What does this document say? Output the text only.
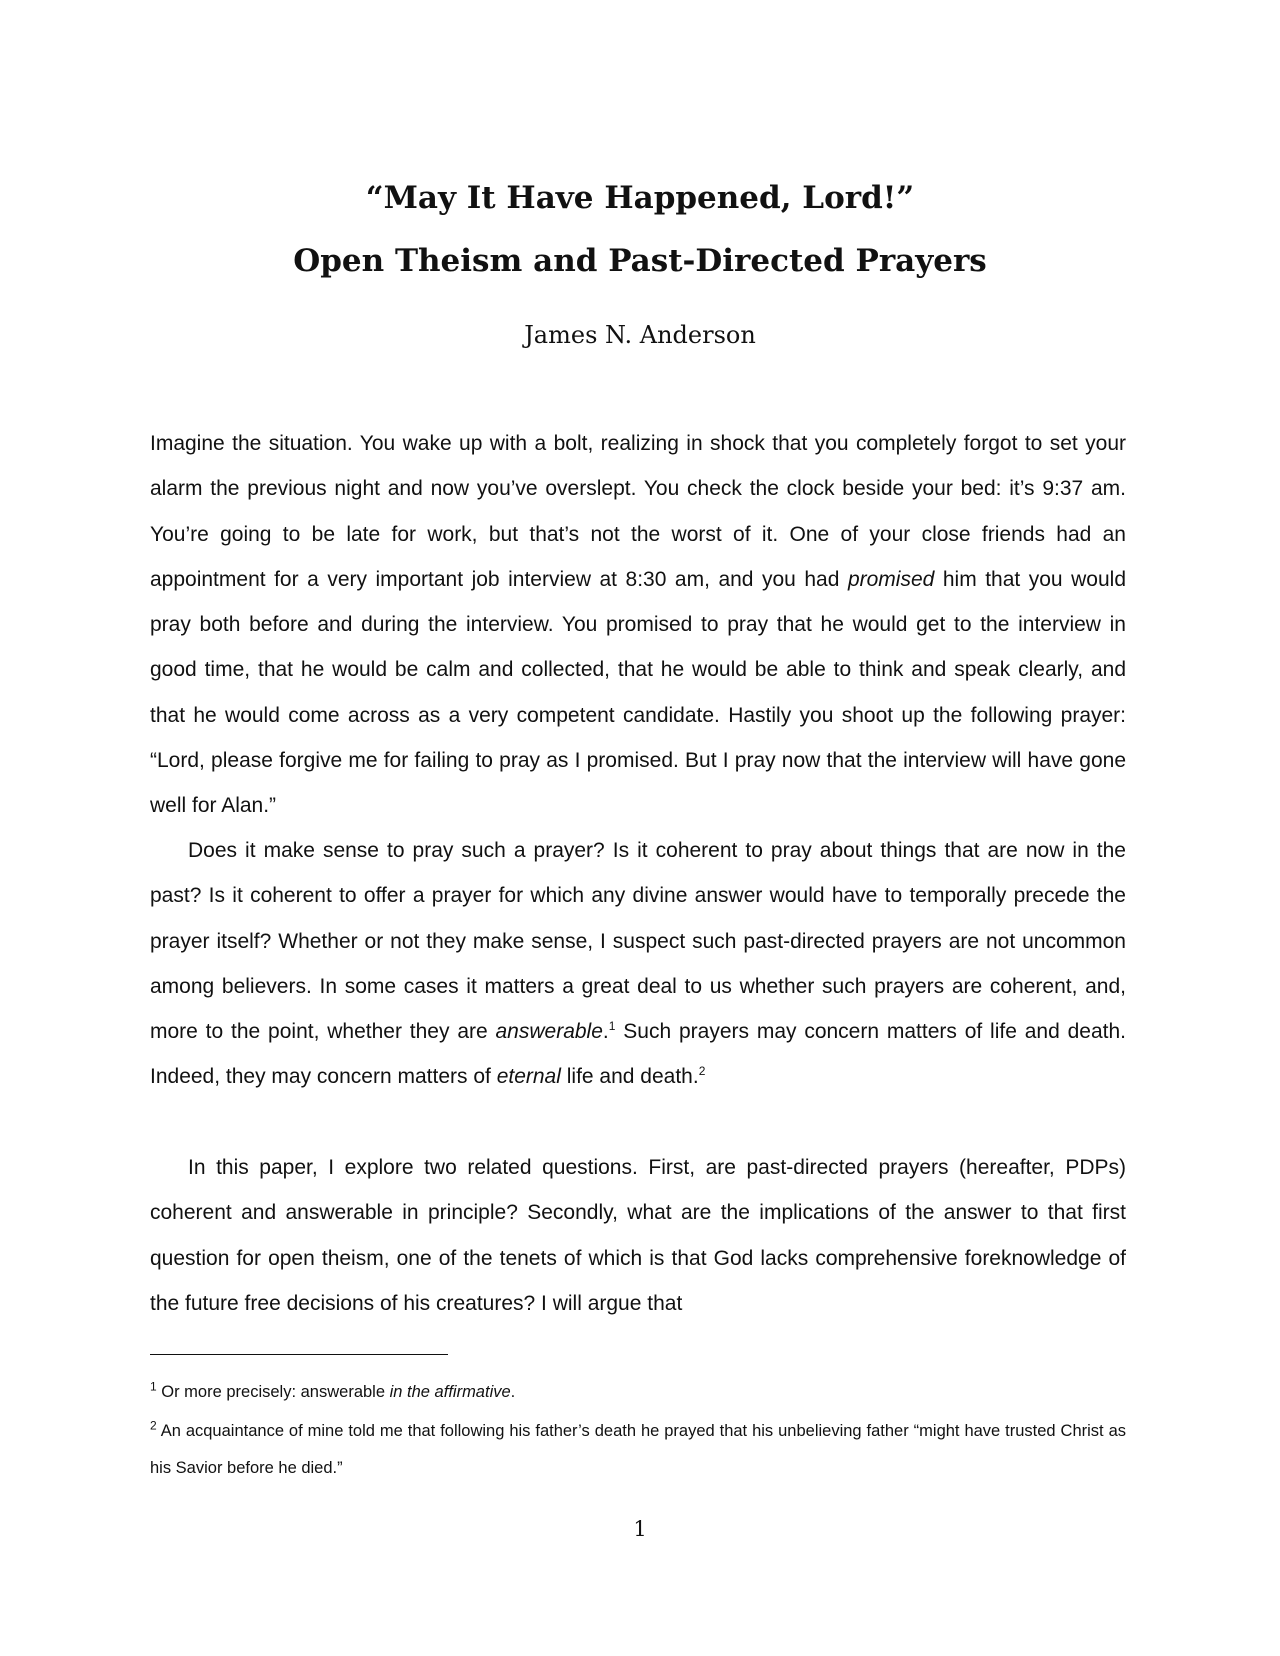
“May It Have Happened, Lord!”
Open Theism and Past-Directed Prayers

James N. Anderson

Imagine the situation. You wake up with a bolt, realizing in shock that you completely forgot to set your alarm the previous night and now you’ve overslept. You check the clock beside your bed: it’s 9:37 am. You’re going to be late for work, but that’s not the worst of it. One of your close friends had an appointment for a very important job interview at 8:30 am, and you had promised him that you would pray both before and during the interview. You promised to pray that he would get to the interview in good time, that he would be calm and collected, that he would be able to think and speak clearly, and that he would come across as a very competent candidate. Hastily you shoot up the following prayer: “Lord, please forgive me for failing to pray as I promised. But I pray now that the interview will have gone well for Alan.”

Does it make sense to pray such a prayer? Is it coherent to pray about things that are now in the past? Is it coherent to offer a prayer for which any divine answer would have to temporally precede the prayer itself? Whether or not they make sense, I suspect such past-directed prayers are not uncommon among believers. In some cases it matters a great deal to us whether such prayers are coherent, and, more to the point, whether they are answerable.$^1$ Such prayers may concern matters of life and death. Indeed, they may concern matters of eternal life and death.$^2$

In this paper, I explore two related questions. First, are past-directed prayers (hereafter, PDPs) coherent and answerable in principle? Secondly, what are the implications of the answer to that first question for open theism, one of the tenets of which is that God lacks comprehensive foreknowledge of the future free decisions of his creatures? I will argue that

$^1$ Or more precisely: answerable in the affirmative.

$^2$ An acquaintance of mine told me that following his father’s death he prayed that his unbelieving father “might have trusted Christ as his Savior before he died.”

1
